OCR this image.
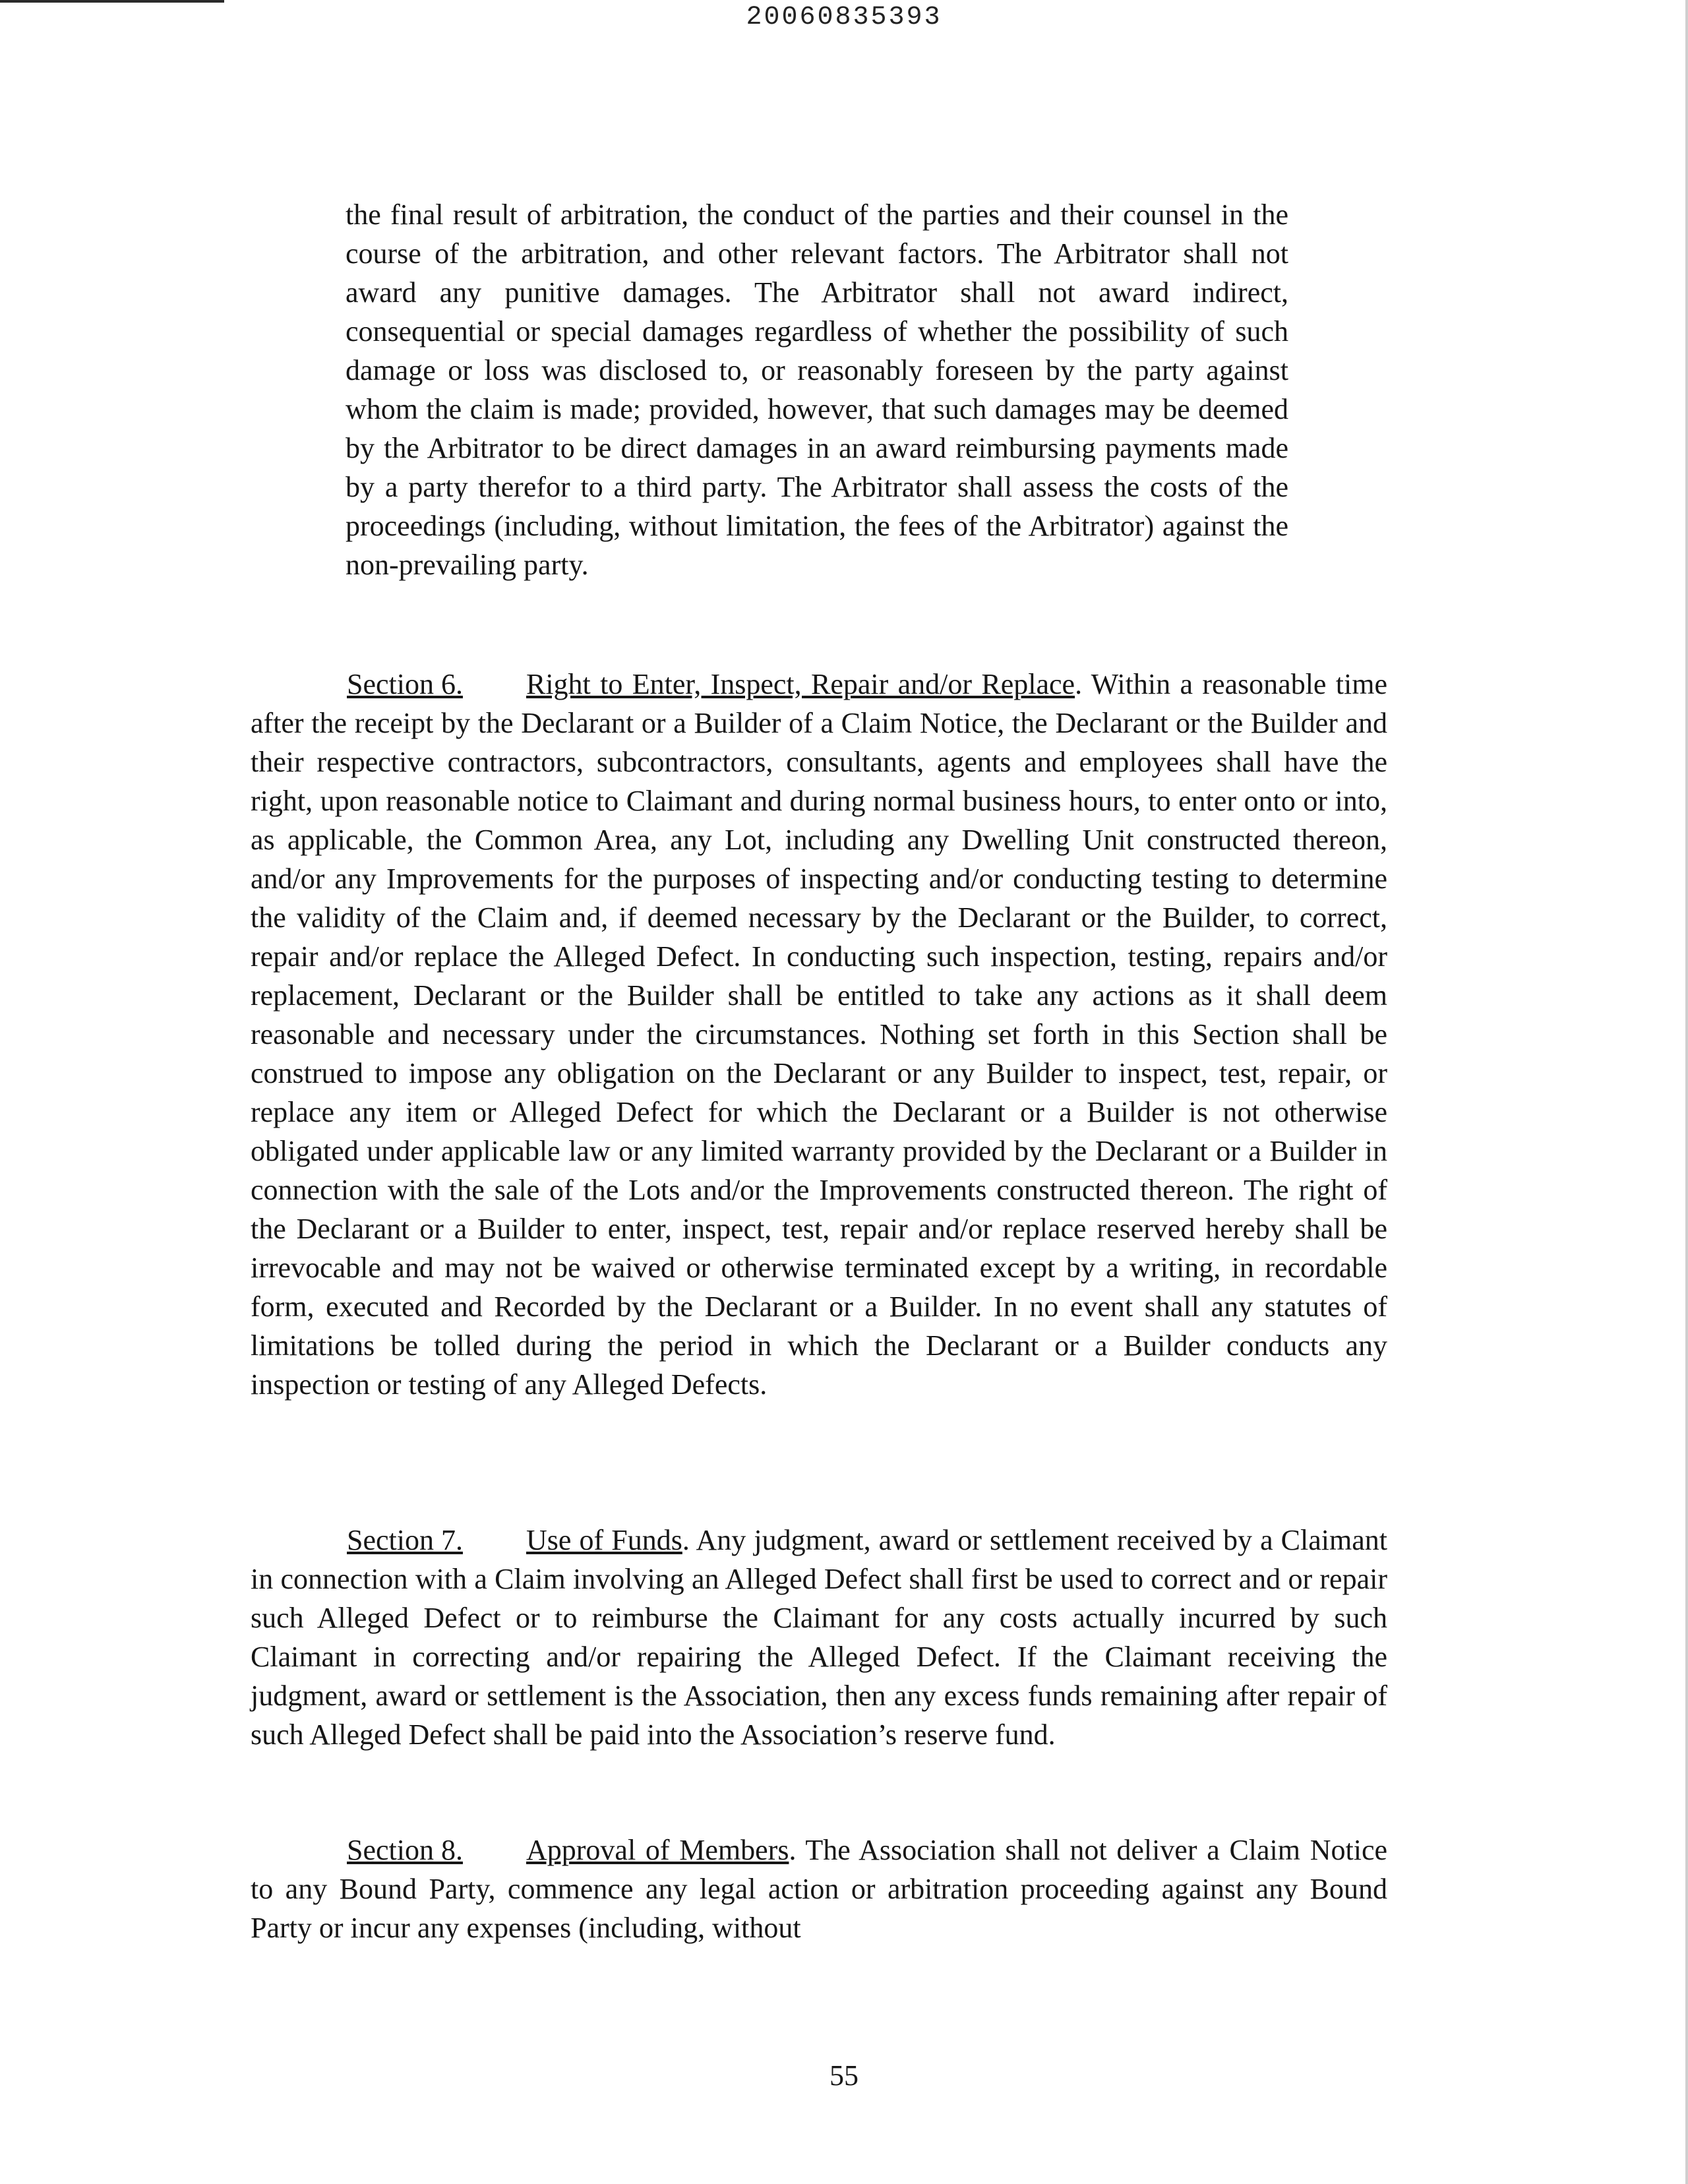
20060835393

the final result of arbitration, the conduct of the parties and their counsel in the course of the arbitration, and other relevant factors. The Arbitrator shall not award any punitive damages. The Arbitrator shall not award indirect, consequential or special damages regardless of whether the possibility of such damage or loss was disclosed to, or reasonably foreseen by the party against whom the claim is made; provided, however, that such damages may be deemed by the Arbitrator to be direct damages in an award reimbursing payments made by a party therefor to a third party. The Arbitrator shall assess the costs of the proceedings (including, without limitation, the fees of the Arbitrator) against the non-prevailing party.

Section 6. Right to Enter, Inspect, Repair and/or Replace. Within a reasonable time after the receipt by the Declarant or a Builder of a Claim Notice, the Declarant or the Builder and their respective contractors, subcontractors, consultants, agents and employees shall have the right, upon reasonable notice to Claimant and during normal business hours, to enter onto or into, as applicable, the Common Area, any Lot, including any Dwelling Unit constructed thereon, and/or any Improvements for the purposes of inspecting and/or conducting testing to determine the validity of the Claim and, if deemed necessary by the Declarant or the Builder, to correct, repair and/or replace the Alleged Defect. In conducting such inspection, testing, repairs and/or replacement, Declarant or the Builder shall be entitled to take any actions as it shall deem reasonable and necessary under the circumstances. Nothing set forth in this Section shall be construed to impose any obligation on the Declarant or any Builder to inspect, test, repair, or replace any item or Alleged Defect for which the Declarant or a Builder is not otherwise obligated under applicable law or any limited warranty provided by the Declarant or a Builder in connection with the sale of the Lots and/or the Improvements constructed thereon. The right of the Declarant or a Builder to enter, inspect, test, repair and/or replace reserved hereby shall be irrevocable and may not be waived or otherwise terminated except by a writing, in recordable form, executed and Recorded by the Declarant or a Builder. In no event shall any statutes of limitations be tolled during the period in which the Declarant or a Builder conducts any inspection or testing of any Alleged Defects.

Section 7. Use of Funds. Any judgment, award or settlement received by a Claimant in connection with a Claim involving an Alleged Defect shall first be used to correct and or repair such Alleged Defect or to reimburse the Claimant for any costs actually incurred by such Claimant in correcting and/or repairing the Alleged Defect. If the Claimant receiving the judgment, award or settlement is the Association, then any excess funds remaining after repair of such Alleged Defect shall be paid into the Association’s reserve fund.

Section 8. Approval of Members. The Association shall not deliver a Claim Notice to any Bound Party, commence any legal action or arbitration proceeding against any Bound Party or incur any expenses (including, without

55
